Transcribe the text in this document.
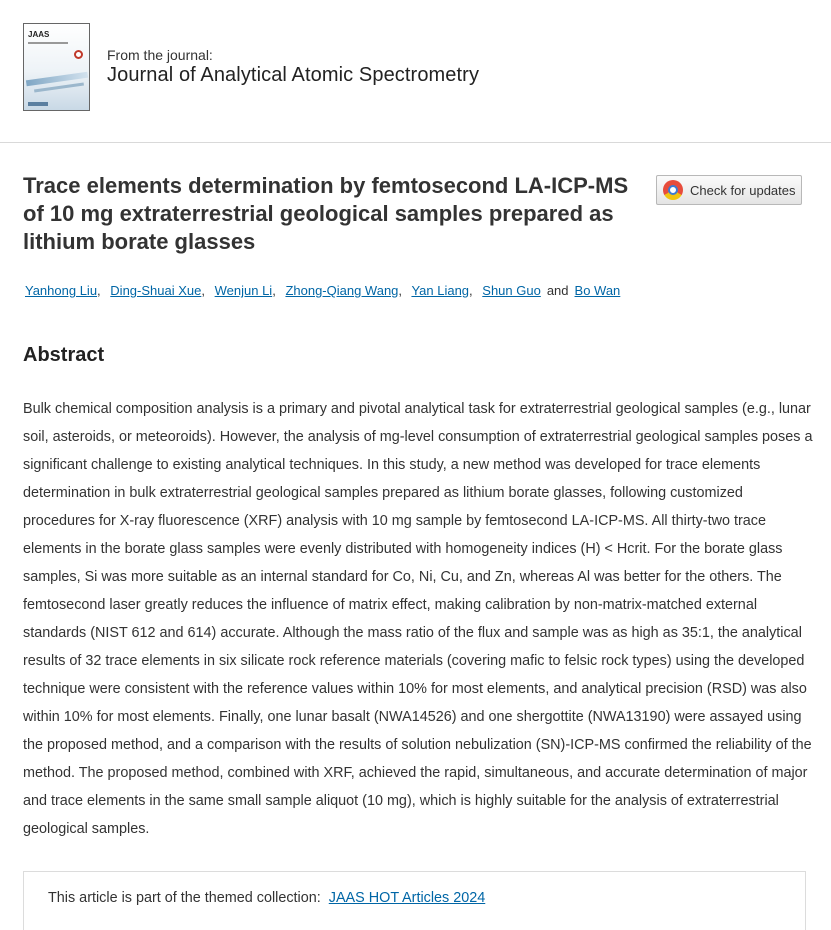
JAAS
From the journal:
Journal of Analytical Atomic Spectrometry
Trace elements determination by femtosecond LA-ICP-MS of 10 mg extraterrestrial geological samples prepared as lithium borate glasses
Check for updates
Yanhong Liu, Ding-Shuai Xue, Wenjun Li, Zhong-Qiang Wang, Yan Liang, Shun Guo and Bo Wan
Abstract

Bulk chemical composition analysis is a primary and pivotal analytical task for extraterrestrial geological samples (e.g., lunar soil, asteroids, or meteoroids). However, the analysis of mg-level consumption of extraterrestrial geological samples poses a significant challenge to existing analytical techniques. In this study, a new method was developed for trace elements determination in bulk extraterrestrial geological samples prepared as lithium borate glasses, following customized procedures for X-ray fluorescence (XRF) analysis with 10 mg sample by femtosecond LA-ICP-MS. All thirty-two trace elements in the borate glass samples were evenly distributed with homogeneity indices (H) < Hcrit. For the borate glass samples, Si was more suitable as an internal standard for Co, Ni, Cu, and Zn, whereas Al was better for the others. The femtosecond laser greatly reduces the influence of matrix effect, making calibration by non-matrix-matched external standards (NIST 612 and 614) accurate. Although the mass ratio of the flux and sample was as high as 35:1, the analytical results of 32 trace elements in six silicate rock reference materials (covering mafic to felsic rock types) using the developed technique were consistent with the reference values within 10% for most elements, and analytical precision (RSD) was also within 10% for most elements. Finally, one lunar basalt (NWA14526) and one shergottite (NWA13190) were assayed using the proposed method, and a comparison with the results of solution nebulization (SN)-ICP-MS confirmed the reliability of the method. The proposed method, combined with XRF, achieved the rapid, simultaneous, and accurate determination of major and trace elements in the same small sample aliquot (10 mg), which is highly suitable for the analysis of extraterrestrial geological samples.

This article is part of the themed collection: JAAS HOT Articles 2024
